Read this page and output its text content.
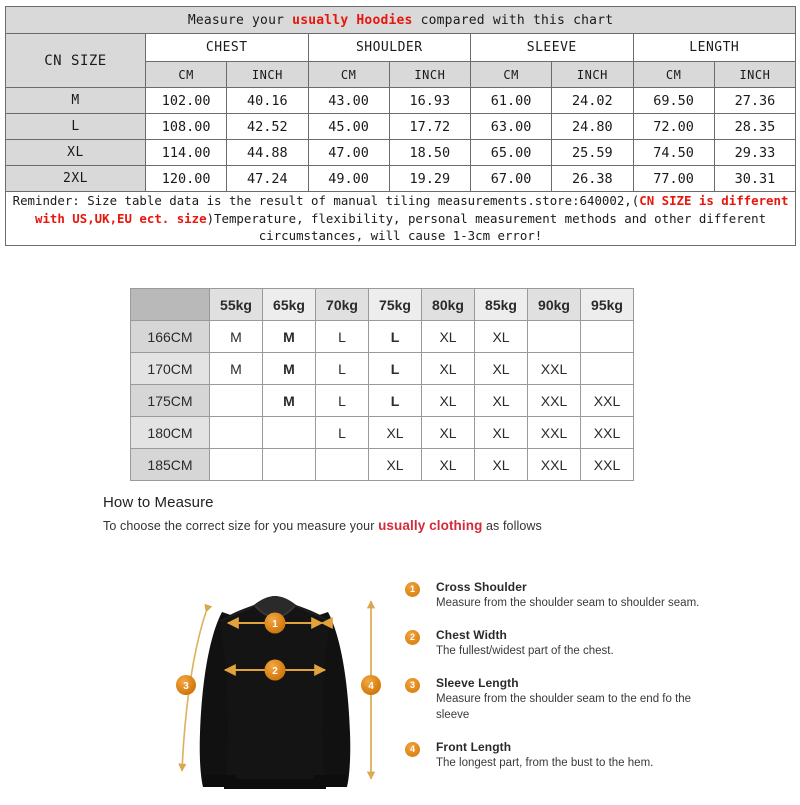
Measure your usually Hoodies compared with this chart								
CN SIZE	CHEST		SHOULDER		SLEEVE		LENGTH	
	CM	INCH	CM	INCH	CM	INCH	CM	INCH
M	102.00	40.16	43.00	16.93	61.00	24.02	69.50	27.36
L	108.00	42.52	45.00	17.72	63.00	24.80	72.00	28.35
XL	114.00	44.88	47.00	18.50	65.00	25.59	74.50	29.33
2XL	120.00	47.24	49.00	19.29	67.00	26.38	77.00	30.31
Reminder: Size table data is the result of manual tiling measurements.store:640002,(CN SIZE is different with US,UK,EU ect. size)Temperature, flexibility, personal measurement methods and other different circumstances, will cause 1-3cm error!								
	55kg	65kg	70kg	75kg	80kg	85kg	90kg	95kg
166CM	M	M	L	L	XL	XL		
170CM	M	M	L	L	XL	XL	XXL	
175CM		M	L	L	XL	XL	XXL	XXL
180CM			L	XL	XL	XL	XXL	XXL
185CM				XL	XL	XL	XXL	XXL
How to Measure
To choose the correct size for you measure your usually clothing as follows
1
2
3	4
1	Cross Shoulder
Measure from the shoulder seam to shoulder seam.
2	Chest Width
The fullest/widest part of the chest.
3	Sleeve Length
Measure from the shoulder seam to the end fo the sleeve
4	Front Length
The longest part, from the bust to the hem.
